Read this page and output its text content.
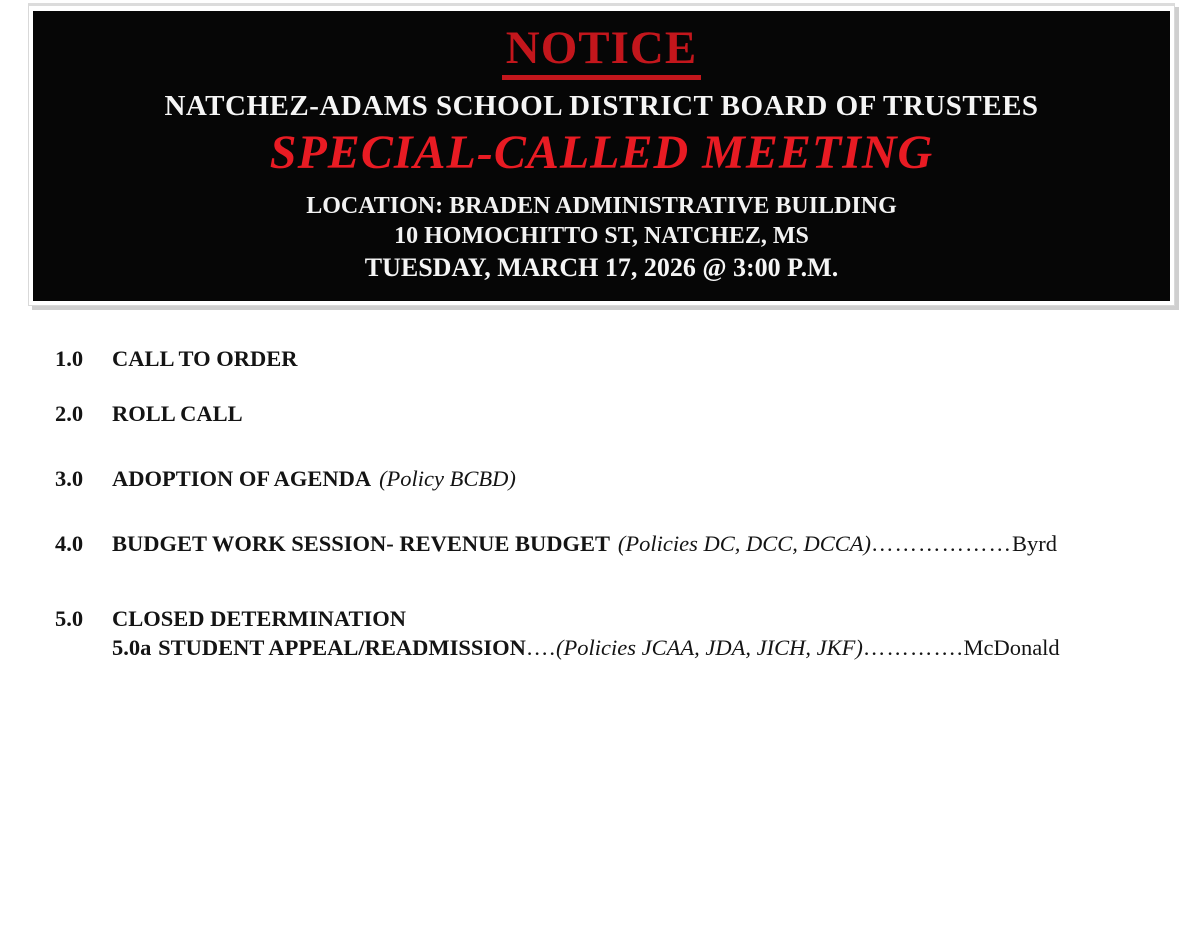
NOTICE
NATCHEZ-ADAMS SCHOOL DISTRICT BOARD OF TRUSTEES
SPECIAL-CALLED MEETING
LOCATION: BRADEN ADMINISTRATIVE BUILDING
10 HOMOCHITTO ST, NATCHEZ, MS
TUESDAY, MARCH 17, 2026 @ 3:00 P.M.
1.0 CALL TO ORDER
2.0 ROLL CALL
3.0 ADOPTION OF AGENDA (Policy BCBD)
4.0 BUDGET WORK SESSION- REVENUE BUDGET (Policies DC, DCC, DCCA)………………Byrd
5.0 CLOSED DETERMINATION
5.0a STUDENT APPEAL/READMISSION….(Policies JCAA, JDA, JICH, JKF)………….McDonald
